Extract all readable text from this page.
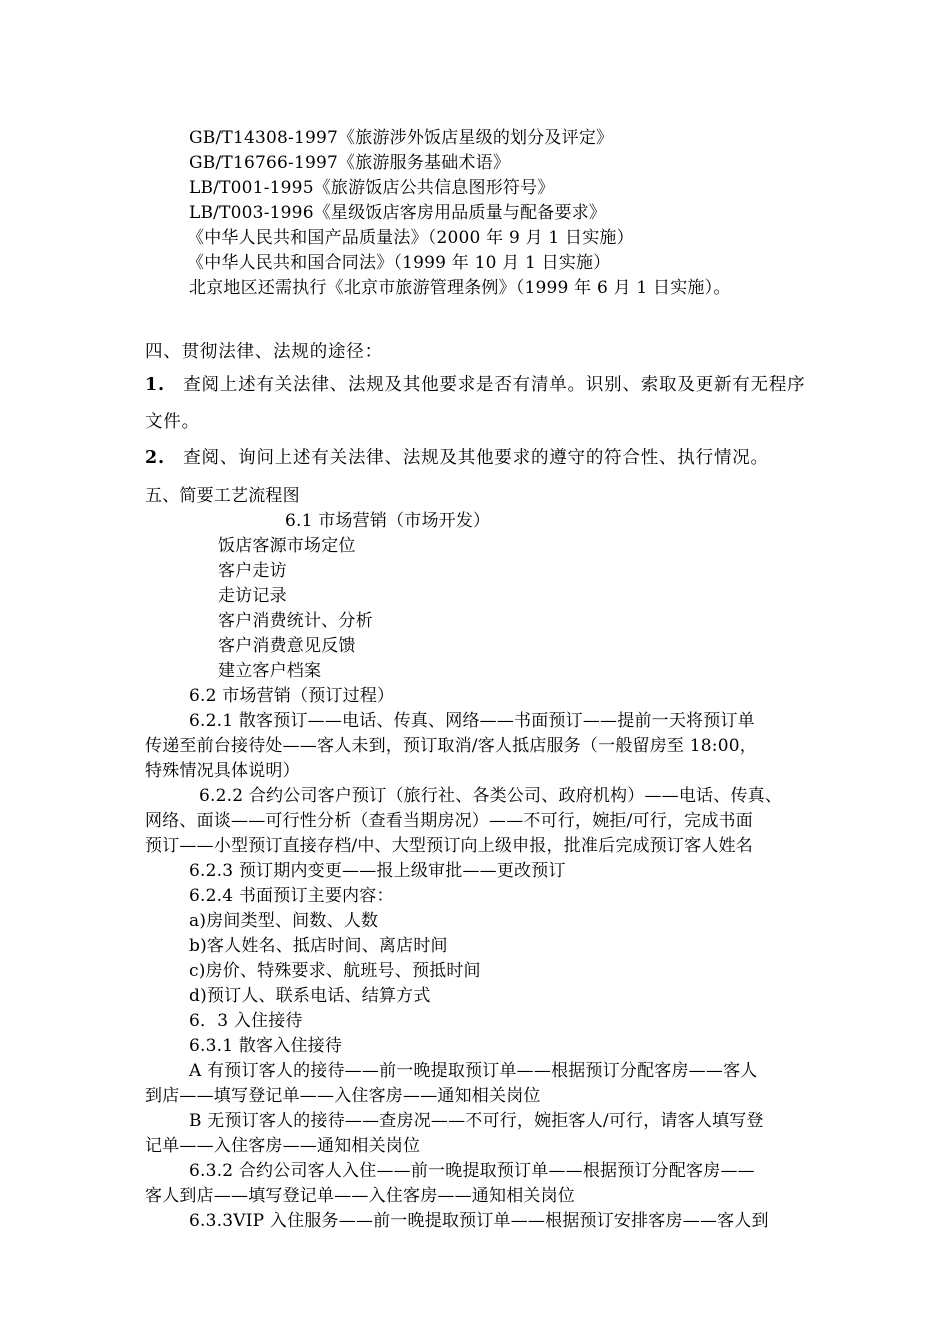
GB/T14308-1997《旅游涉外饭店星级的划分及评定》
GB/T16766-1997《旅游服务基础术语》
LB/T001-1995《旅游饭店公共信息图形符号》
LB/T003-1996《星级饭店客房用品质量与配备要求》
《中华人民共和国产品质量法》（2000 年 9 月 1 日实施）
《中华人民共和国合同法》（1999 年 10 月 1 日实施）
北京地区还需执行《北京市旅游管理条例》（1999 年 6 月 1 日实施）。
四、贯彻法律、法规的途径：
1. 查阅上述有关法律、法规及其他要求是否有清单。识别、索取及更新有无程序
文件。
2. 查阅、询问上述有关法律、法规及其他要求的遵守的符合性、执行情况。
五、简要工艺流程图
6.1 市场营销（市场开发）
饭店客源市场定位
客户走访
走访记录
客户消费统计、分析
客户消费意见反馈
建立客户档案
6.2 市场营销（预订过程）
6.2.1 散客预订——电话、传真、网络——书面预订——提前一天将预订单
传递至前台接待处——客人未到，预订取消/客人抵店服务（一般留房至 18:00，
特殊情况具体说明）
6.2.2 合约公司客户预订（旅行社、各类公司、政府机构）——电话、传真、
网络、面谈——可行性分析（查看当期房况）——不可行，婉拒/可行，完成书面
预订——小型预订直接存档/中、大型预订向上级申报，批准后完成预订客人姓名
6.2.3 预订期内变更——报上级审批——更改预订
6.2.4 书面预订主要内容：
a)房间类型、间数、人数
b)客人姓名、抵店时间、离店时间
c)房价、特殊要求、航班号、预抵时间
d)预订人、联系电话、结算方式
6．3 入住接待
6.3.1 散客入住接待
A 有预订客人的接待——前一晚提取预订单——根据预订分配客房——客人
到店——填写登记单——入住客房——通知相关岗位
B 无预订客人的接待——查房况——不可行，婉拒客人/可行，请客人填写登
记单——入住客房——通知相关岗位
6.3.2 合约公司客人入住——前一晚提取预订单——根据预订分配客房——
客人到店——填写登记单——入住客房——通知相关岗位
6.3.3VIP 入住服务——前一晚提取预订单——根据预订安排客房——客人到
